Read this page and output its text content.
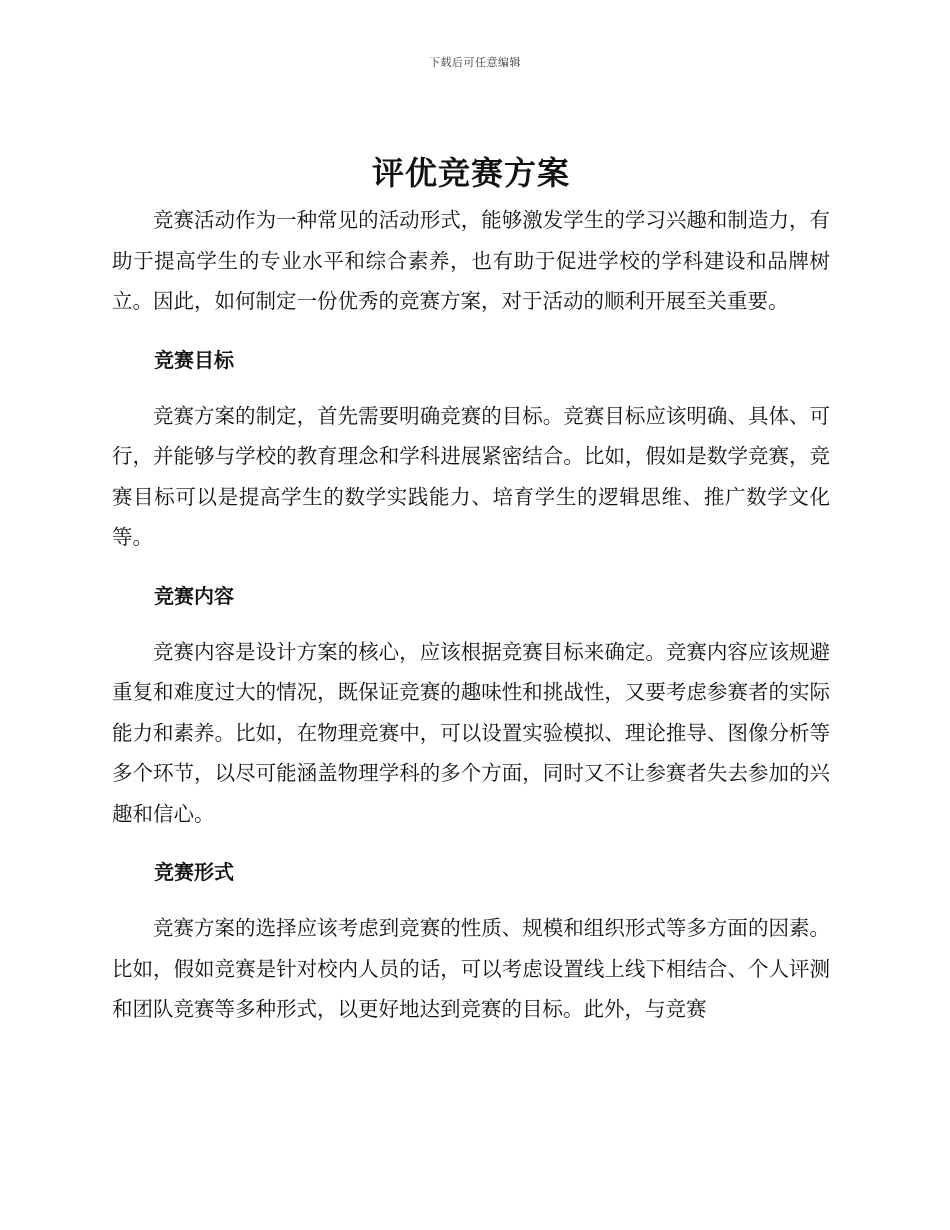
下载后可任意编辑
评优竞赛方案

竞赛活动作为一种常见的活动形式，能够激发学生的学习兴趣和制造力，有助于提高学生的专业水平和综合素养，也有助于促进学校的学科建设和品牌树立。因此，如何制定一份优秀的竞赛方案，对于活动的顺利开展至关重要。

竞赛目标

竞赛方案的制定，首先需要明确竞赛的目标。竞赛目标应该明确、具体、可行，并能够与学校的教育理念和学科进展紧密结合。比如，假如是数学竞赛，竞赛目标可以是提高学生的数学实践能力、培育学生的逻辑思维、推广数学文化等。

竞赛内容

竞赛内容是设计方案的核心，应该根据竞赛目标来确定。竞赛内容应该规避重复和难度过大的情况，既保证竞赛的趣味性和挑战性，又要考虑参赛者的实际能力和素养。比如，在物理竞赛中，可以设置实验模拟、理论推导、图像分析等多个环节，以尽可能涵盖物理学科的多个方面，同时又不让参赛者失去参加的兴趣和信心。

竞赛形式

竞赛方案的选择应该考虑到竞赛的性质、规模和组织形式等多方面的因素。比如，假如竞赛是针对校内人员的话，可以考虑设置线上线下相结合、个人评测和团队竞赛等多种形式，以更好地达到竞赛的目标。此外，与竞赛
